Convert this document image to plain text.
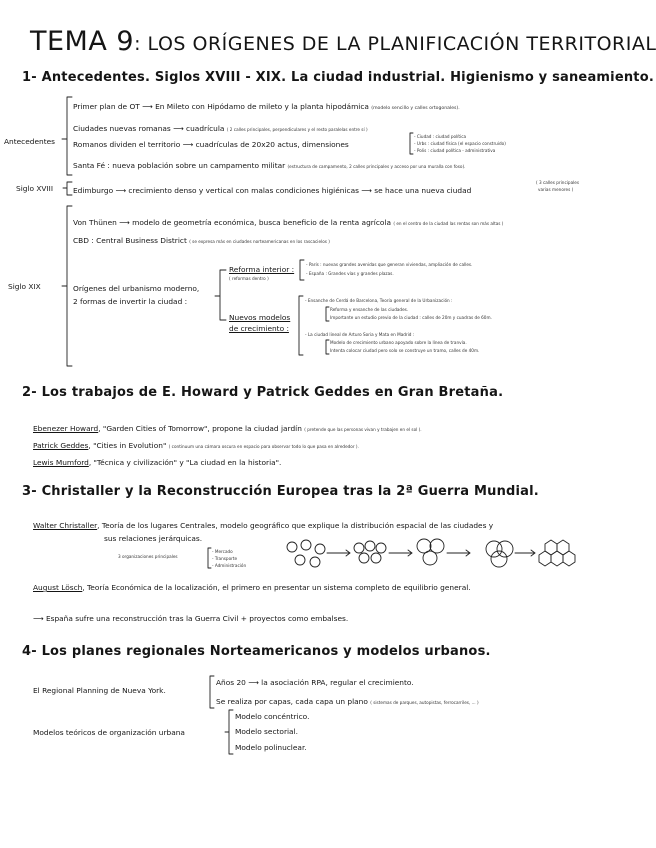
TEMA 9: LOS ORÍGENES DE LA PLANIFICACIÓN TERRITORIAL
1- Antecedentes. Siglos XVIII - XIX. La ciudad industrial. Higienismo y saneamiento.
Antecedentes
Siglo XVIII
Siglo XIX
Primer plan de OT ⟶ En Mileto con Hipódamo de mileto y la planta hipodámica (modelo sencillo y calles ortogonales).
Ciudades nuevas romanas ⟶ cuadrícula ( 2 calles principales, perpendiculares y el resto paralelas entre sí )
Romanos dividen el territorio ⟶ cuadrículas de 20x20 actus, dimensiones
- Ciudad : ciudad política
- Urbs : ciudad física (el espacio construido)
- Polis : ciudad política - administrativa
Santa Fé : nueva población sobre un campamento militar (estructura de campamento, 2 calles principales y acceso por una muralla con foso).
Edimburgo ⟶ crecimiento denso y vertical con malas condiciones higiénicas ⟶ se hace una nueva ciudad
( 3 calles principales
varias menores )
Von Thünen ⟶ modelo de geometría económica, busca beneficio de la renta agrícola ( en el centro de la ciudad las rentas son más altas )
CBD : Central Business District ( se expresa más en ciudades norteamericanas en los rascacielos )
Orígenes del urbanismo moderno,
2 formas de invertir la ciudad :
Reforma interior :
( reformas dentro )
- París : nuevas grandes avenidas que generan viviendas, ampliación de calles.
- España : Grandes vías y grandes plazas.
Nuevos modelos
de crecimiento :
- Ensanche de Cerdá de Barcelona, Teoría general de la Urbanización :
Reforma y ensanche de las ciudades.
Importante un estudio previo de la ciudad : calles de 20m y cuadras de 60m.
- La ciudad lineal de Arturo Soria y Mata en Madrid :
Modelo de crecimiento urbano apoyado sobre la línea de tranvía.
Intenta colocar ciudad pero solo se construye un tramo, calles de 40m.
2- Los trabajos de E. Howard y Patrick Geddes en Gran Bretaña.
Ebenezer Howard, "Garden Cities of Tomorrow", propone la ciudad jardín ( pretende que las personas vivan y trabajen en el sol ).
Patrick Geddes, "Cities in Evolution" ( continuum una cámara oscura en espacio para observar todo lo que pasa en alrededor ).
Lewis Mumford, "Técnica y civilización" y "La ciudad en la historia".
3- Christaller y la Reconstrucción Europea tras la 2ª Guerra Mundial.
Walter Christaller, Teoría de los lugares Centrales, modelo geográfico que explique la distribución espacial de las ciudades y
sus relaciones jerárquicas.
3 organizaciones principales
- Mercado
- Transporte
- Administración
August Lösch, Teoría Económica de la localización, el primero en presentar un sistema completo de equilibrio general.
⟶ España sufre una reconstrucción tras la Guerra Civil + proyectos como embalses.
4- Los planes regionales Norteamericanos y modelos urbanos.
El Regional Planning de Nueva York.
Años 20 ⟶ la asociación RPA, regular el crecimiento.
Se realiza por capas, cada capa un plano ( sistemas de parques, autopistas, ferrocarriles, ... )
Modelos teóricos de organización urbana
Modelo concéntrico.
Modelo sectorial.
Modelo polinuclear.
